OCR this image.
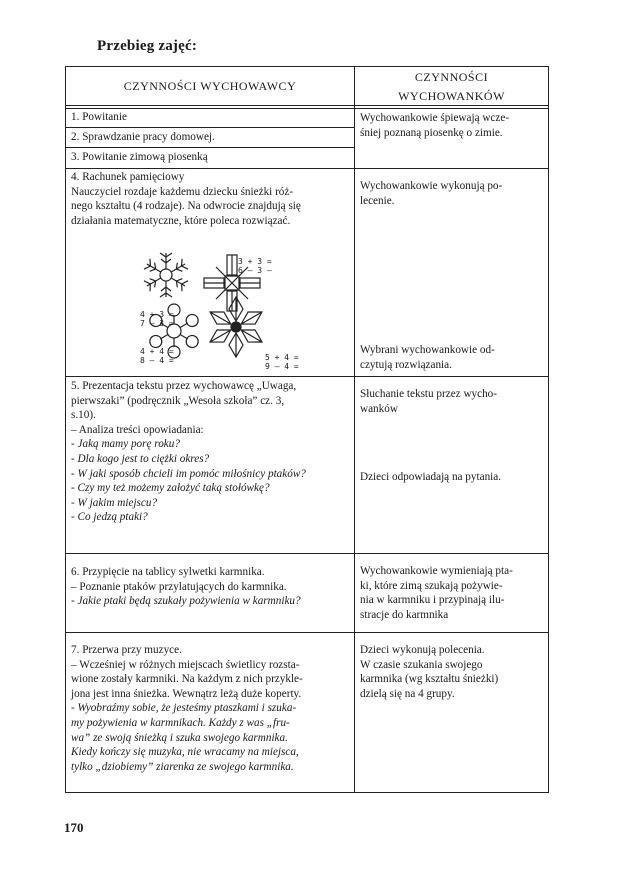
Przebieg zajęć:
CZYNNOŚCI WYCHOWAWCY
CZYNNOŚCI
WYCHOWANKÓW
1. Powitanie
2. Sprawdzanie pracy domowej.
3. Powitanie zimową piosenką
Wychowankowie śpiewają wcze-
śniej poznaną piosenkę o zimie.
4. Rachunek pamięciowy
Nauczyciel rozdaje każdemu dziecku śnieżki róż-
nego kształtu (4 rodzaje). Na odwrocie znajdują się
działania matematyczne, które poleca rozwiązać.
3 + 3 =
6 – 3 –
4 + 3 =
7 – 3 =
4 + 4 =
8 – 4 =	5 + 4 =
9 – 4 =
Wychowankowie wykonują po-
lecenie.
Wybrani wychowankowie od-
czytują rozwiązania.
5. Prezentacja tekstu przez wychowawcę „Uwaga,
pierwszaki” (podręcznik „Wesoła szkoła” cz. 3,
s.10).
– Analiza treści opowiadania:
- Jaką mamy porę roku?
- Dla kogo jest to ciężki okres?
- W jaki sposób chcieli im pomóc miłośnicy ptaków?
- Czy my też możemy założyć taką stołówkę?
- W jakim miejscu?
- Co jedzą ptaki?
Słuchanie tekstu przez wycho-
wanków
Dzieci odpowiadają na pytania.
6. Przypięcie na tablicy sylwetki karmnika.
– Poznanie ptaków przylatujących do karmnika.
- Jakie ptaki będą szukały pożywienia w karmniku?
Wychowankowie wymieniają pta-
ki, które zimą szukają pożywie-
nia w karmniku i przypinają ilu-
stracje do karmnika
7. Przerwa przy muzyce.
– Wcześniej w różnych miejscach świetlicy rozsta-
wione zostały karmniki. Na każdym z nich przykle-
jona jest inna śnieżka. Wewnątrz leżą duże koperty.
- Wyobraźmy sobie, że jesteśmy ptaszkami i szuka-
my pożywienia w karmnikach. Każdy z was „fru-
wa” ze swoją śnieżką i szuka swojego karmnika.
Kiedy kończy się muzyka, nie wracamy na miejsca,
tylko „dziobiemy” ziarenka ze swojego karmnika.
Dzieci wykonują polecenia.
W czasie szukania swojego
karmnika (wg kształtu śnieżki)
dzielą się na 4 grupy.
170
